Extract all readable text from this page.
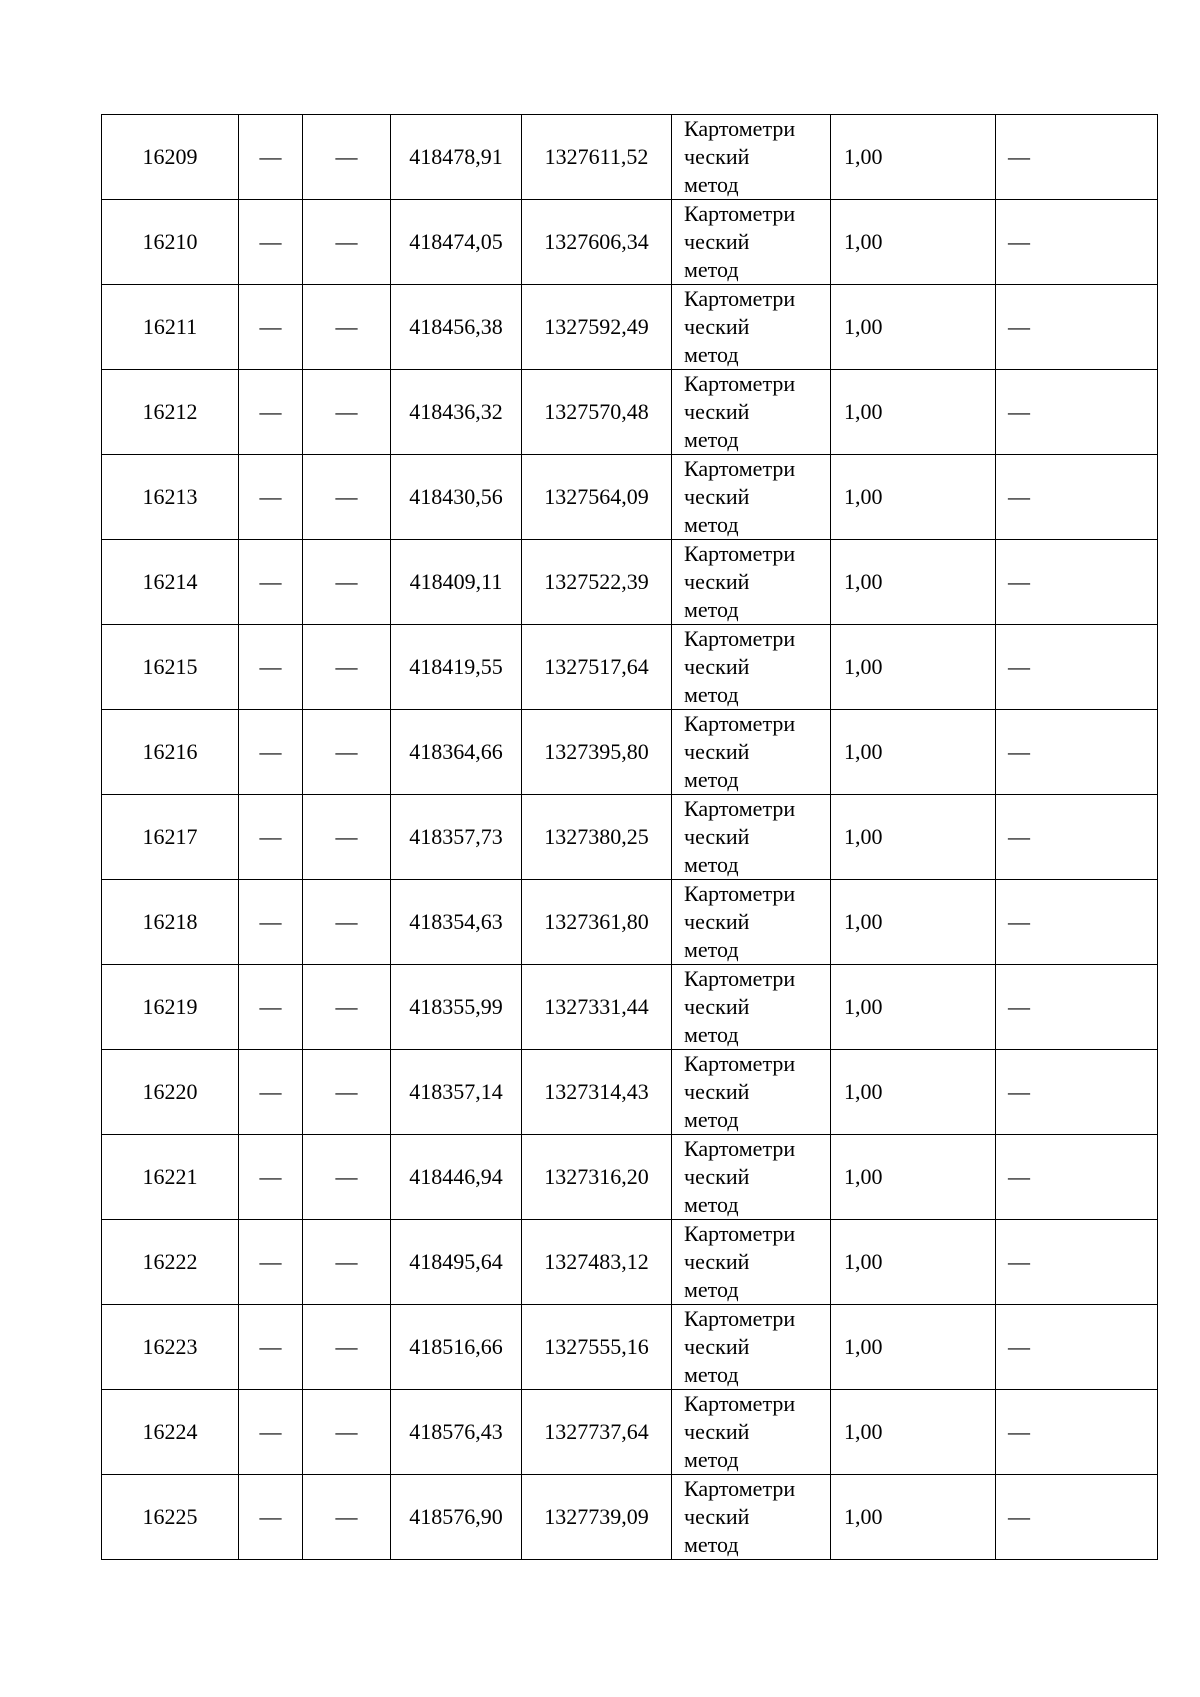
16209	—	—	418478,91	1327611,52	Картометри
ческий
метод	1,00	—
16210	—	—	418474,05	1327606,34	Картометри
ческий
метод	1,00	—
16211	—	—	418456,38	1327592,49	Картометри
ческий
метод	1,00	—
16212	—	—	418436,32	1327570,48	Картометри
ческий
метод	1,00	—
16213	—	—	418430,56	1327564,09	Картометри
ческий
метод	1,00	—
16214	—	—	418409,11	1327522,39	Картометри
ческий
метод	1,00	—
16215	—	—	418419,55	1327517,64	Картометри
ческий
метод	1,00	—
16216	—	—	418364,66	1327395,80	Картометри
ческий
метод	1,00	—
16217	—	—	418357,73	1327380,25	Картометри
ческий
метод	1,00	—
16218	—	—	418354,63	1327361,80	Картометри
ческий
метод	1,00	—
16219	—	—	418355,99	1327331,44	Картометри
ческий
метод	1,00	—
16220	—	—	418357,14	1327314,43	Картометри
ческий
метод	1,00	—
16221	—	—	418446,94	1327316,20	Картометри
ческий
метод	1,00	—
16222	—	—	418495,64	1327483,12	Картометри
ческий
метод	1,00	—
16223	—	—	418516,66	1327555,16	Картометри
ческий
метод	1,00	—
16224	—	—	418576,43	1327737,64	Картометри
ческий
метод	1,00	—
16225	—	—	418576,90	1327739,09	Картометри
ческий
метод	1,00	—
